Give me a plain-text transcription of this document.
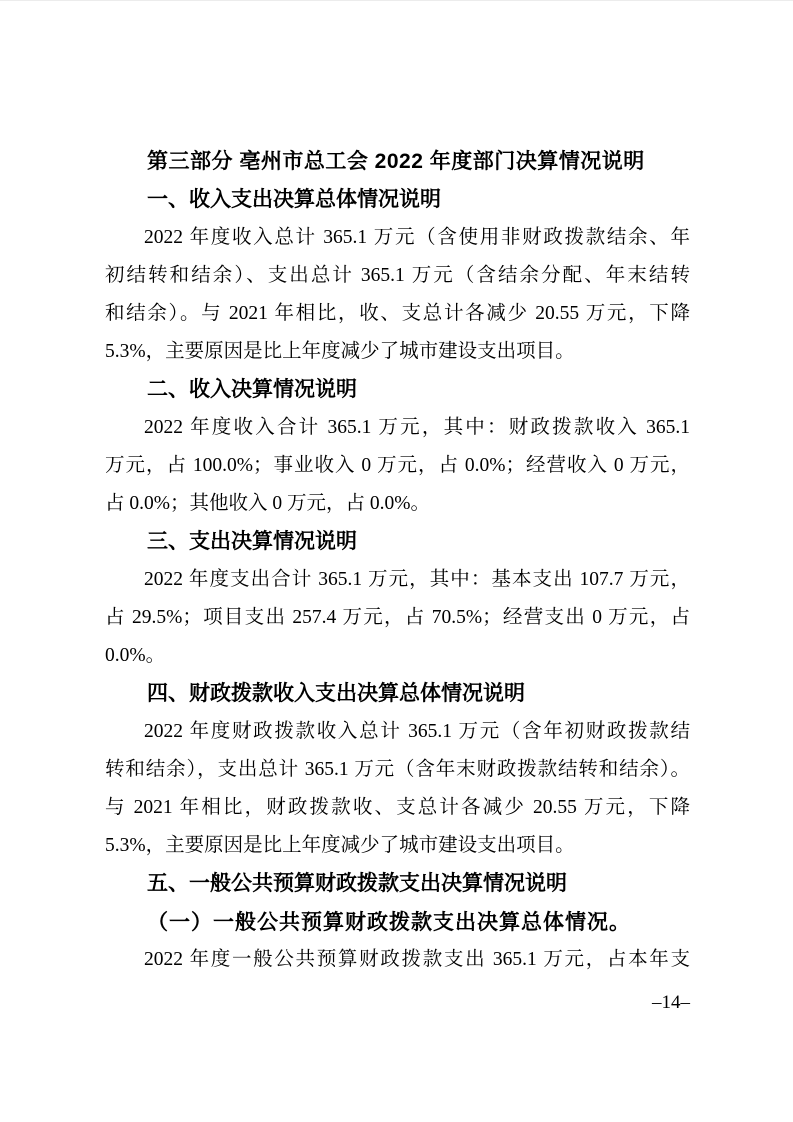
第三部分 亳州市总工会 2022 年度部门决算情况说明
一、收入支出决算总体情况说明
2022 年度收入总计 365.1 万元（含使用非财政拨款结余、年
初结转和结余）、支出总计 365.1 万元（含结余分配、年末结转
和结余）。与 2021 年相比，收、支总计各减少 20.55 万元，下降
5.3%，主要原因是比上年度减少了城市建设支出项目。
二、收入决算情况说明
2022 年度收入合计 365.1 万元，其中：财政拨款收入 365.1
万元，占 100.0%；事业收入 0 万元，占 0.0%；经营收入 0 万元，
占 0.0%；其他收入 0 万元，占 0.0%。
三、支出决算情况说明
2022 年度支出合计 365.1 万元，其中：基本支出 107.7 万元，
占 29.5%；项目支出 257.4 万元，占 70.5%；经营支出 0 万元，占
0.0%。
四、财政拨款收入支出决算总体情况说明
2022 年度财政拨款收入总计 365.1 万元（含年初财政拨款结
转和结余），支出总计 365.1 万元（含年末财政拨款结转和结余）。
与 2021 年相比，财政拨款收、支总计各减少 20.55 万元，下降
5.3%，主要原因是比上年度减少了城市建设支出项目。
五、一般公共预算财政拨款支出决算情况说明
（一）一般公共预算财政拨款支出决算总体情况。
2022 年度一般公共预算财政拨款支出 365.1 万元，占本年支
–14–
